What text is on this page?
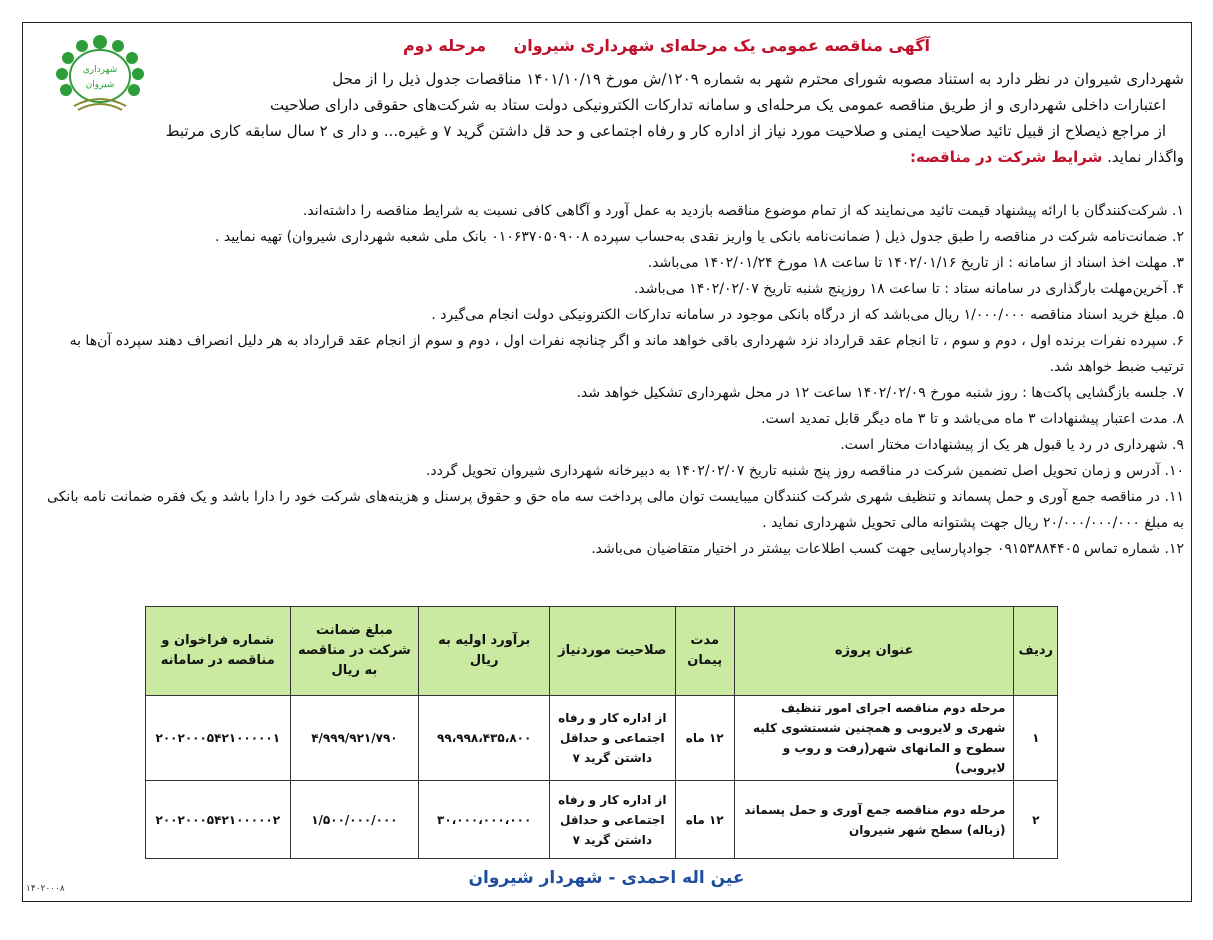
شهرداری
شیروان
آگهی مناقصه عمومی یک مرحله‌ای شهرداری شیروان مرحله دوم
شهرداری شیروان در نظر دارد به استناد مصوبه شورای محترم شهر به شماره ۱۲۰۹/ش مورخ ۱۴۰۱/۱۰/۱۹ مناقصات جدول ذیل را از محل
اعتبارات داخلی شهرداری و از طریق مناقصه عمومی یک مرحله‌ای و سامانه تدارکات الکترونیکی دولت ستاد به شرکت‌های حقوقی دارای صلاحیت
از مراجع ذیصلاح از قبیل تائید صلاحیت ایمنی و صلاحیت مورد نیاز از اداره کار و رفاه اجتماعی و حد قل داشتن گرید ۷ و غیره... و دار ی ۲ سال سابقه کاری مرتبط
واگذار نماید. شرایط شرکت در مناقصه:
۱. شرکت‌کنندگان با ارائه پیشنهاد قیمت تائید می‌نمایند که از تمام موضوع مناقصه بازدید به عمل آورد و آگاهی کافی نسبت به شرایط مناقصه را داشته‌اند.
۲. ضمانت‌نامه شرکت در مناقصه را طبق جدول ذیل ( ضمانت‌نامه بانکی یا واریز نقدی به‌حساب سپرده ۰۱۰۶۳۷۰۵۰۹۰۰۸ بانک ملی شعبه شهرداری شیروان) تهیه نمایید .
۳. مهلت اخذ اسناد از سامانه : از تاریخ ۱۴۰۲/۰۱/۱۶ تا ساعت ۱۸ مورخ ۱۴۰۲/۰۱/۲۴ می‌باشد.
۴. آخرین‌مهلت بارگذاری در سامانه ستاد : تا ساعت ۱۸ روزپنج شنبه تاریخ ۱۴۰۲/۰۲/۰۷ می‌باشد.
۵. مبلغ خرید اسناد مناقصه ۱/۰۰۰/۰۰۰ ریال می‌باشد که از درگاه بانکی موجود در سامانه تدارکات الکترونیکی دولت انجام می‌گیرد .
۶. سپرده نفرات برنده اول ، دوم و سوم ، تا انجام عقد قرارداد نزد شهرداری باقی خواهد ماند و اگر چنانچه نفرات اول ، دوم و سوم از انجام عقد قرارداد به هر دلیل انصراف دهند سپرده آن‌ها به ترتیب ضبط خواهد شد.
۷. جلسه بازگشایی پاکت‌ها : روز شنبه مورخ ۱۴۰۲/۰۲/۰۹ ساعت ۱۲ در محل شهرداری تشکیل خواهد شد.
۸. مدت اعتبار پیشنهادات ۳ ماه می‌باشد و تا ۳ ماه دیگر قابل تمدید است.
۹. شهرداری در رد یا قبول هر یک از پیشنهادات مختار است.
۱۰. آدرس و زمان تحویل اصل تضمین شرکت در مناقصه روز پنج شنبه تاریخ ۱۴۰۲/۰۲/۰۷ به دبیرخانه شهرداری شیروان تحویل گردد.
۱۱. در مناقصه جمع آوری و حمل پسماند و تنظیف شهری شرکت کنندگان میبایست توان مالی پرداخت سه ماه حق و حقوق پرسنل و هزینه‌های شرکت خود را دارا باشد و یک فقره ضمانت نامه بانکی به مبلغ ۲۰/۰۰۰/۰۰۰/۰۰۰ ریال جهت پشتوانه مالی تحویل شهرداری نماید .
۱۲. شماره تماس ۰۹۱۵۳۸۸۴۴۰۵ جوادپارسایی جهت کسب اطلاعات بیشتر در اختیار متقاضیان می‌باشد.
ردیف	عنوان پروژه	مدت پیمان	صلاحیت موردنیاز	برآورد اولیه به ریال	مبلغ ضمانت شرکت در مناقصه به ریال	شماره فراخوان و مناقصه در سامانه
۱	مرحله دوم مناقصه اجرای امور تنظیف شهری و لایروبی و همچنین شستشوی کلیه سطوح و المانهای شهر(رفت و روب و لایروبی)	۱۲ ماه	از اداره کار و رفاه اجتماعی و حداقل داشتن گرید ۷	۹۹،۹۹۸،۴۳۵،۸۰۰	۴/۹۹۹/۹۲۱/۷۹۰	۲۰۰۲۰۰۰۵۴۲۱۰۰۰۰۰۱
۲	مرحله دوم مناقصه جمع آوری و حمل پسماند (زباله) سطح شهر شیروان	۱۲ ماه	از اداره کار و رفاه اجتماعی و حداقل داشتن گرید ۷	۳۰،۰۰۰،۰۰۰،۰۰۰	۱/۵۰۰/۰۰۰/۰۰۰	۲۰۰۲۰۰۰۵۴۲۱۰۰۰۰۰۲
عین اله احمدی - شهردار شیروان
۱۴۰۲۰۰۰۸
